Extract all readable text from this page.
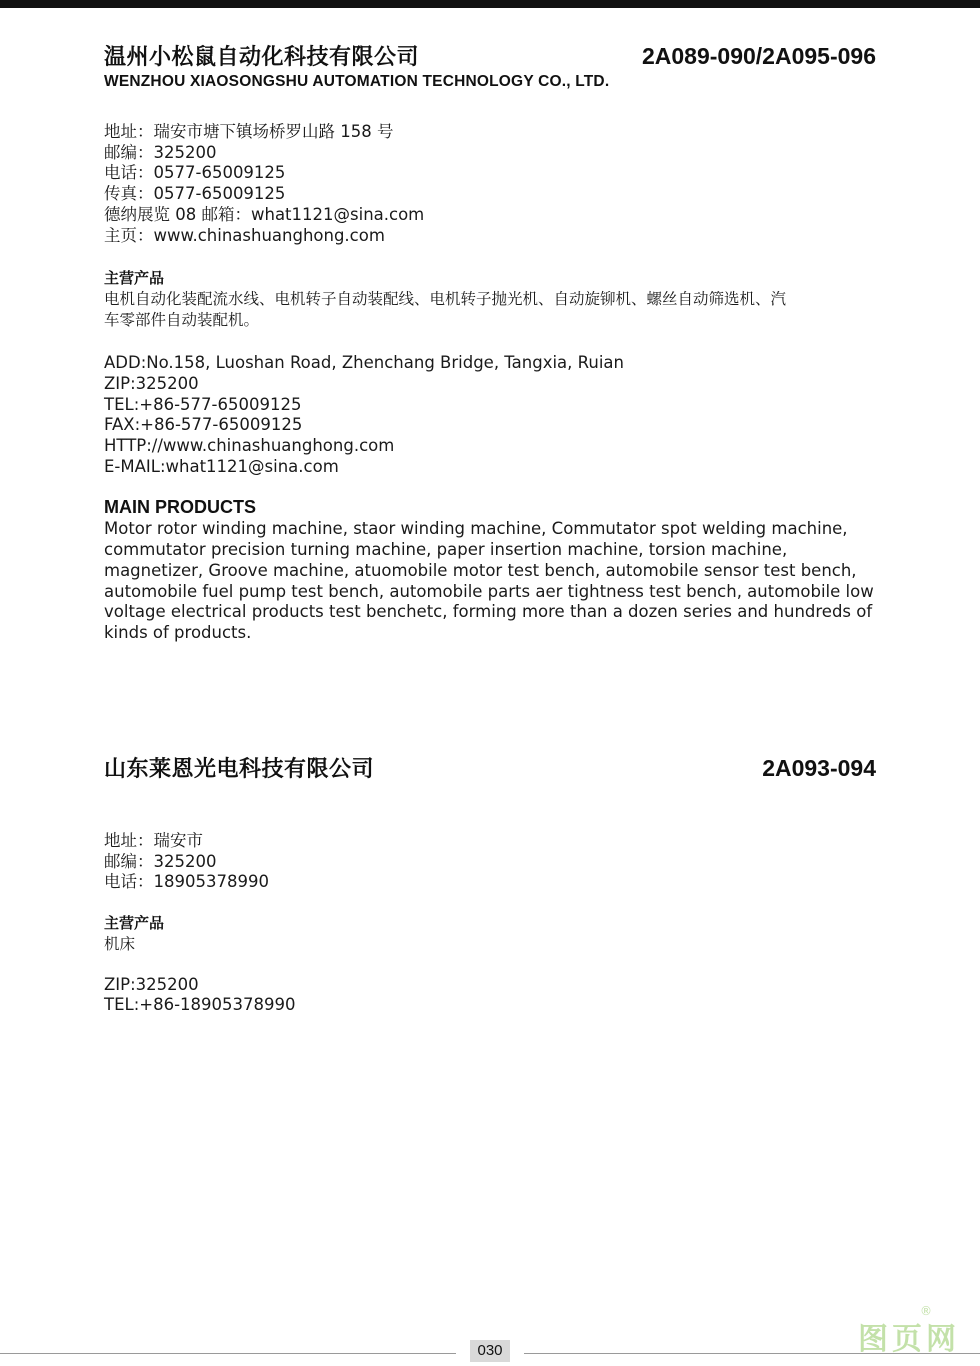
温州小松鼠自动化科技有限公司	2A089-090/2A095-096
WENZHOU XIAOSONGSHU AUTOMATION TECHNOLOGY CO., LTD.
地址：瑞安市塘下镇场桥罗山路 158 号
邮编：325200
电话：0577-65009125
传真：0577-65009125
德纳展览 08 邮箱：what1121@sina.com
主页：www.chinashuanghong.com
主营产品
电机自动化装配流水线、电机转子自动装配线、电机转子抛光机、自动旋铆机、螺丝自动筛选机、汽
车零部件自动装配机。
ADD:No.158, Luoshan Road, Zhenchang Bridge, Tangxia, Ruian
ZIP:325200
TEL:+86-577-65009125
FAX:+86-577-65009125
HTTP://www.chinashuanghong.com
E-MAIL:what1121@sina.com
MAIN PRODUCTS
Motor rotor winding machine, staor winding machine, Commutator spot welding machine,
commutator precision turning machine, paper insertion machine, torsion machine,
magnetizer, Groove machine, atuomobile motor test bench, automobile sensor test bench,
automobile fuel pump test bench, automobile parts aer tightness test bench, automobile low
voltage electrical products test benchetc, forming more than a dozen series and hundreds of
kinds of products.
山东莱恩光电科技有限公司	2A093-094
地址：瑞安市
邮编：325200
电话：18905378990
主营产品
机床
ZIP:325200
TEL:+86-18905378990
030	图页网
®
